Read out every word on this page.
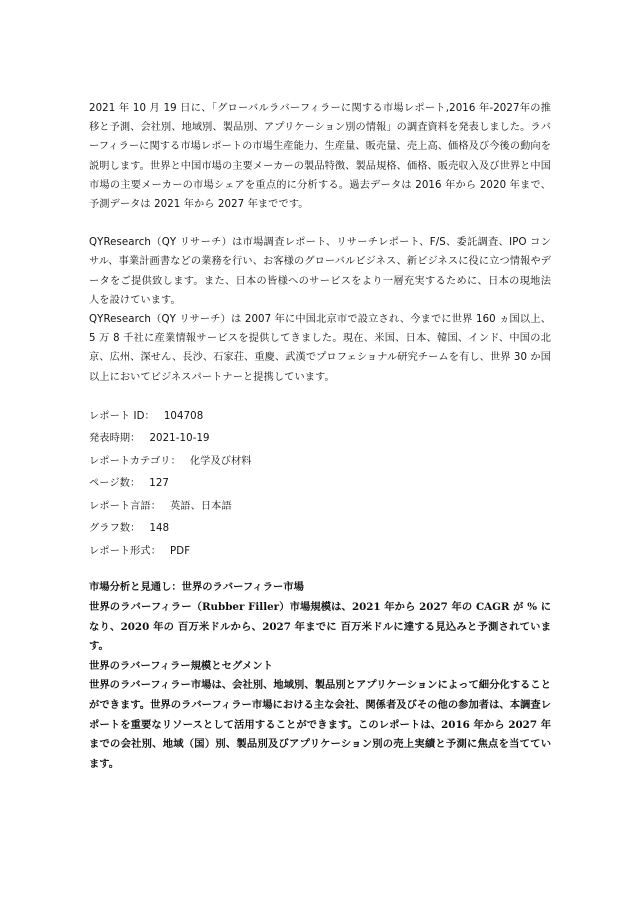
2021 年 10 月 19 日に、「グローバルラバーフィラーに関する市場レポート,2016 年-2027年の推移と予測、会社別、地域別、製品別、アプリケーション別の情報」の調査資料を発表しました。ラバーフィラーに関する市場レポートの市場生産能力、生産量、販売量、売上高、価格及び今後の動向を説明します。世界と中国市場の主要メーカーの製品特徴、製品規格、価格、販売収入及び世界と中国市場の主要メーカーの市場シェアを重点的に分析する。過去データは 2016 年から 2020 年まで、予測データは 2021 年から 2027 年までです。

QYResearch（QY リサーチ）は市場調査レポート、リサーチレポート、F/S、委託調査、IPO コンサル、事業計画書などの業務を行い、お客様のグローバルビジネス、新ビジネスに役に立つ情報やデータをご提供致します。また、日本の皆様へのサービスをより一層充実するために、日本の現地法人を設けています。

QYResearch（QY リサーチ）は 2007 年に中国北京市で設立され、今までに世界 160 ヵ国以上、5 万 8 千社に産業情報サービスを提供してきました。現在、米国、日本、韓国、インド、中国の北京、広州、深せん、長沙、石家荘、重慶、武漢でプロフェショナル研究チームを有し、世界 30 か国以上においてビジネスパートナーと提携しています。

レポート ID： 104708
発表時期： 2021-10-19
レポートカテゴリ： 化学及び材料
ページ数： 127
レポート言語： 英語、日本語
グラフ数： 148
レポート形式： PDF

市場分析と見通し：世界のラバーフィラー市場

世界のラバーフィラー（Rubber Filler）市場規模は、2021 年から 2027 年の CAGR が % になり、2020 年の 百万米ドルから、2027 年までに 百万米ドルに達する見込みと予測されています。

世界のラバーフィラー規模とセグメント

世界のラバーフィラー市場は、会社別、地域別、製品別とアプリケーションによって細分化することができます。世界のラバーフィラー市場における主な会社、関係者及びその他の参加者は、本調査レポートを重要なリソースとして活用することができます。このレポートは、2016 年から 2027 年までの会社別、地域（国）別、製品別及びアプリケーション別の売上実績と予測に焦点を当てています。
